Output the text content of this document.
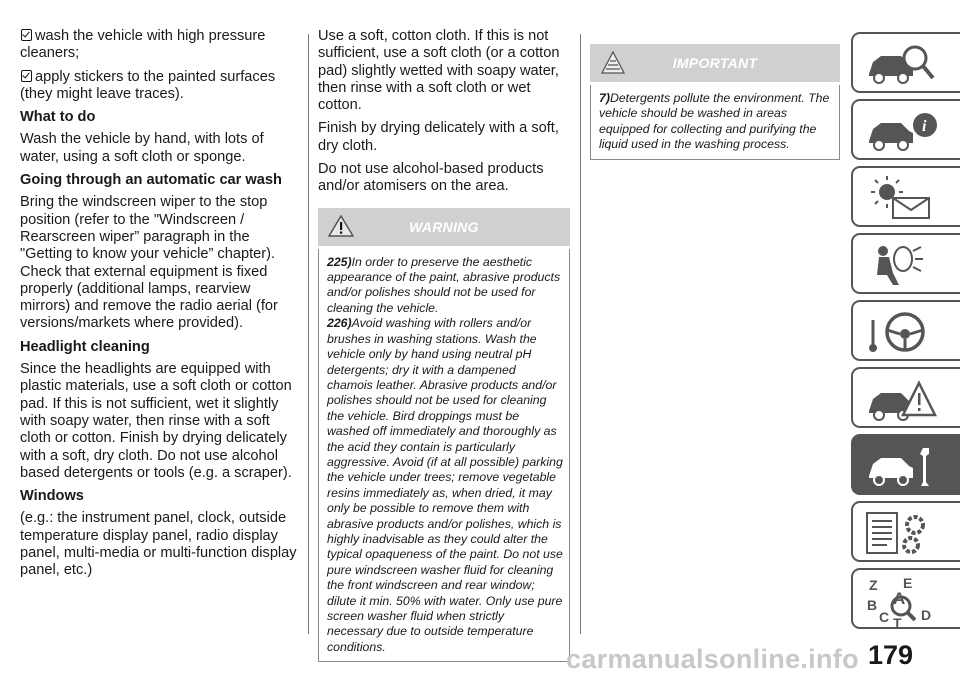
wash the vehicle with high pressure cleaners;

apply stickers to the painted surfaces (they might leave traces).

What to do

Wash the vehicle by hand, with lots of water, using a soft cloth or sponge.

Going through an automatic car wash

Bring the windscreen wiper to the stop position (refer to the "Windscreen / Rearscreen wiper” paragraph in the "Getting to know your vehicle” chapter). Check that external equipment is fixed properly (additional lamps, rearview mirrors) and remove the radio aerial (for versions/markets where provided).

Headlight cleaning

Since the headlights are equipped with plastic materials, use a soft cloth or cotton pad. If this is not sufficient, wet it slightly with soapy water, then rinse with a soft cloth or cotton. Finish by drying delicately with a soft, dry cloth. Do not use alcohol based detergents or tools (e.g. a scraper).

Windows

(e.g.: the instrument panel, clock, outside temperature display panel, radio display panel, multi-media or multi-function display panel, etc.)

Use a soft, cotton cloth. If this is not sufficient, use a soft cloth (or a cotton pad) slightly wetted with soapy water, then rinse with a soft cloth or wet cotton.

Finish by drying delicately with a soft, dry cloth.

Do not use alcohol-based products and/or atomisers on the area.

WARNING

225)In order to preserve the aesthetic appearance of the paint, abrasive products and/or polishes should not be used for cleaning the vehicle.

226)Avoid washing with rollers and/or brushes in washing stations. Wash the vehicle only by hand using neutral pH detergents; dry it with a dampened chamois leather. Abrasive products and/or polishes should not be used for cleaning the vehicle. Bird droppings must be washed off immediately and thoroughly as the acid they contain is particularly aggressive. Avoid (if at all possible) parking the vehicle under trees; remove vegetable resins immediately as, when dried, it may only be possible to remove them with abrasive products and/or polishes, which is highly inadvisable as they could alter the typical opaqueness of the paint. Do not use pure windscreen washer fluid for cleaning the front windscreen and rear window; dilute it min. 50% with water. Only use pure screen washer fluid when strictly necessary due to outside temperature conditions.

IMPORTANT

7)Detergents pollute the environment. The vehicle should be washed in areas equipped for collecting and purifying the liquid used in the washing process.

i
Z E
A
B
C T D
carmanualsonline.info 179
